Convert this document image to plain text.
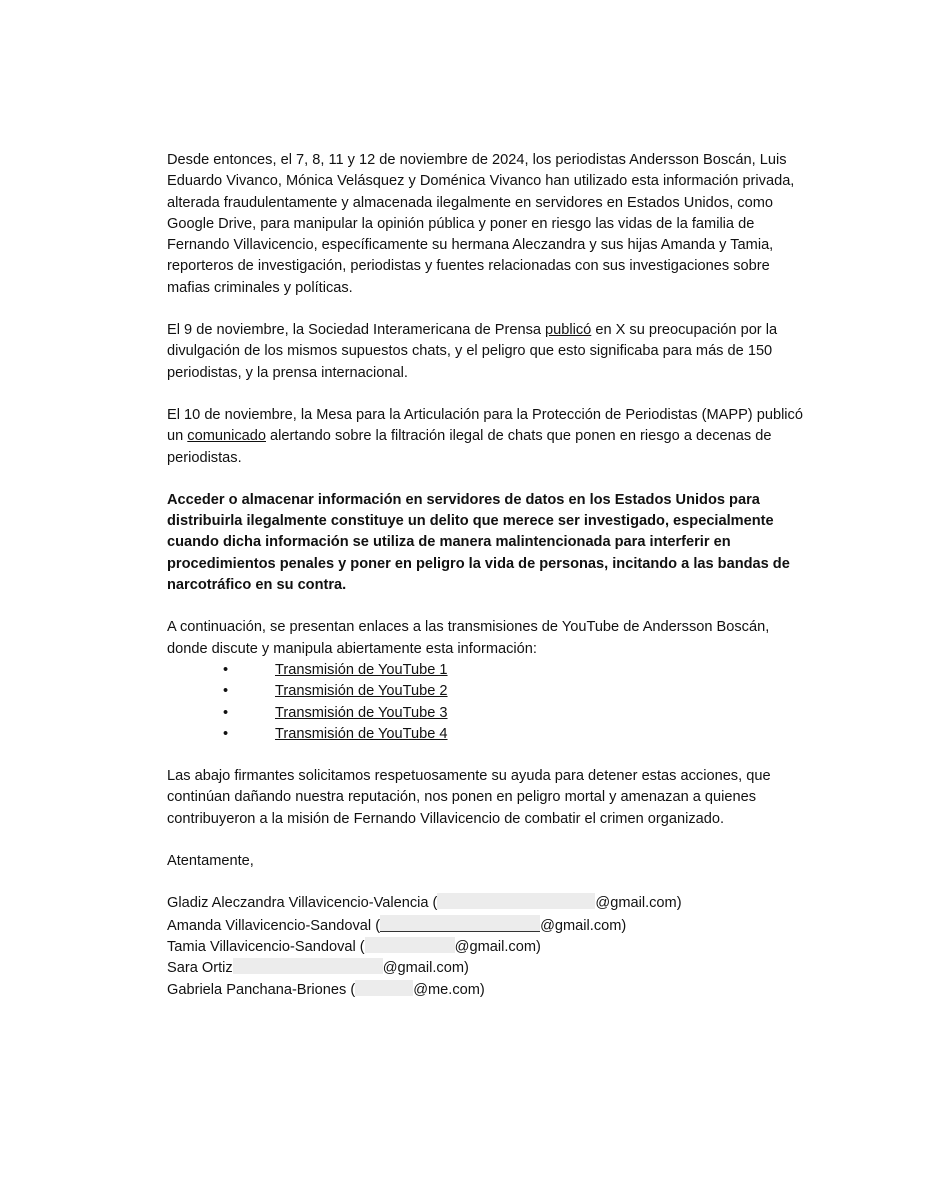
Desde entonces, el 7, 8, 11 y 12 de noviembre de 2024, los periodistas Andersson Boscán, Luis Eduardo Vivanco, Mónica Velásquez y Doménica Vivanco han utilizado esta información privada, alterada fraudulentamente y almacenada ilegalmente en servidores en Estados Unidos, como Google Drive, para manipular la opinión pública y poner en riesgo las vidas de la familia de Fernando Villavicencio, específicamente su hermana Aleczandra y sus hijas Amanda y Tamia, reporteros de investigación, periodistas y fuentes relacionadas con sus investigaciones sobre mafias criminales y políticas.

El 9 de noviembre, la Sociedad Interamericana de Prensa publicó en X su preocupación por la divulgación de los mismos supuestos chats, y el peligro que esto significaba para más de 150 periodistas, y la prensa internacional.

El 10 de noviembre, la Mesa para la Articulación para la Protección de Periodistas (MAPP) publicó un comunicado alertando sobre la filtración ilegal de chats que ponen en riesgo a decenas de periodistas.

Acceder o almacenar información en servidores de datos en los Estados Unidos para distribuirla ilegalmente constituye un delito que merece ser investigado, especialmente cuando dicha información se utiliza de manera malintencionada para interferir en procedimientos penales y poner en peligro la vida de personas, incitando a las bandas de narcotráfico en su contra.

A continuación, se presentan enlaces a las transmisiones de YouTube de Andersson Boscán, donde discute y manipula abiertamente esta información:

•	Transmisión de YouTube 1
•	Transmisión de YouTube 2
•	Transmisión de YouTube 3
•	Transmisión de YouTube 4

Las abajo firmantes solicitamos respetuosamente su ayuda para detener estas acciones, que continúan dañando nuestra reputación, nos ponen en peligro mortal y amenazan a quienes contribuyeron a la misión de Fernando Villavicencio de combatir el crimen organizado.

Atentamente,

Gladiz Aleczandra Villavicencio-Valencia (	@gmail.com)
Amanda Villavicencio-Sandoval (	@gmail.com)
Tamia Villavicencio-Sandoval (	@gmail.com)
Sara Ortiz	@gmail.com)
Gabriela Panchana-Briones (	@me.com)
